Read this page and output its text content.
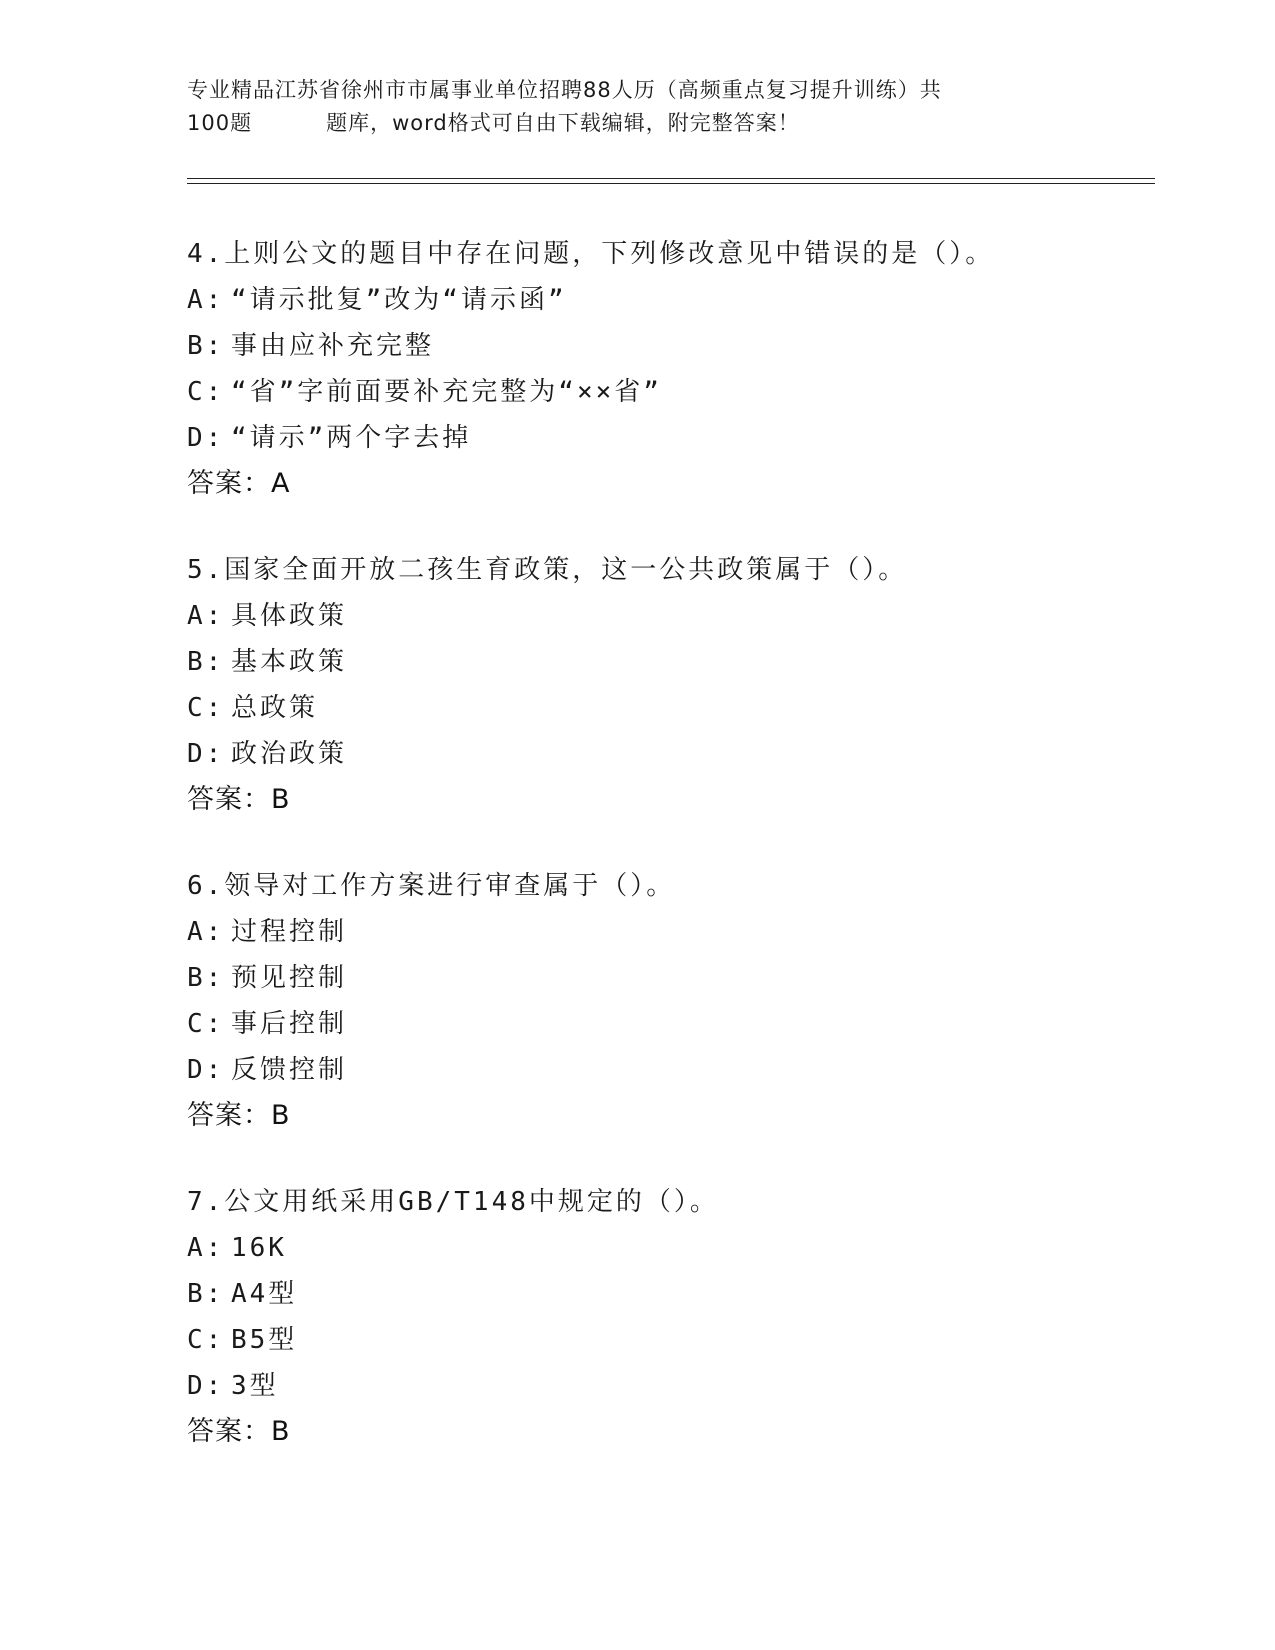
专业精品江苏省徐州市市属事业单位招聘88人历（高频重点复习提升训练）共
100题	题库，word格式可自由下载编辑，附完整答案！
4.上则公文的题目中存在问题，下列修改意见中错误的是（）。
A: “请示批复”改为“请示函”
B: 事由应补充完整
C: “省”字前面要补充完整为“××省”
D: “请示”两个字去掉
答案：A
5.国家全面开放二孩生育政策，这一公共政策属于（）。
A: 具体政策
B: 基本政策
C: 总政策
D: 政治政策
答案：B
6.领导对工作方案进行审查属于（）。
A: 过程控制
B: 预见控制
C: 事后控制
D: 反馈控制
答案：B
7.公文用纸采用GB/T148中规定的（）。
A: 16K
B: A4型
C: B5型
D: 3型
答案：B
